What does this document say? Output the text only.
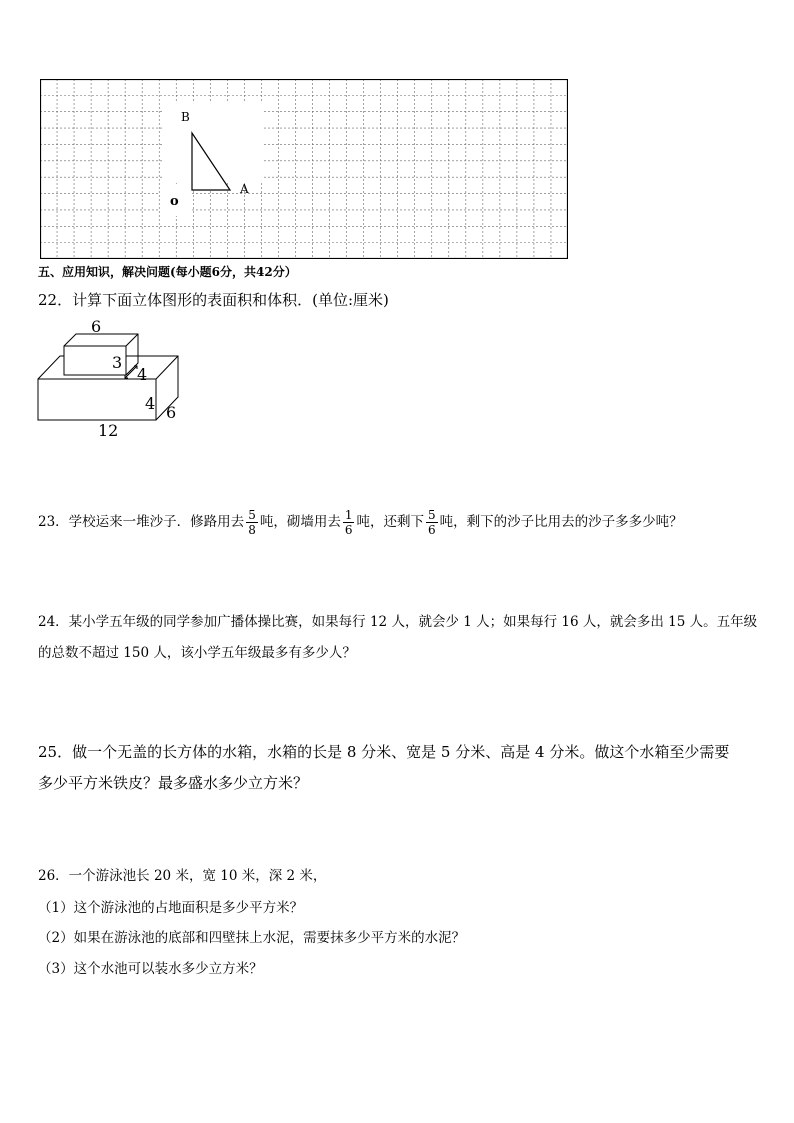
B
A
o
五、应用知识，解决问题(每小题6分，共42分）
22．计算下面立体图形的表面积和体积．(单位:厘米)
6
3
4
4 6
12
23．学校运来一堆沙子．修路用去 $\frac{5}{8}$ 吨，砌墙用去 $\frac{1}{6}$ 吨，还剩下 $\frac{5}{6}$ 吨，剩下的沙子比用去的沙子多多少吨？
24．某小学五年级的同学参加广播体操比赛，如果每行 12 人，就会少 1 人；如果每行 16 人，就会多出 15 人。五年级
的总数不超过 150 人，该小学五年级最多有多少人？
25．做一个无盖的长方体的水箱，水箱的长是 8 分米、宽是 5 分米、高是 4 分米。做这个水箱至少需要
多少平方米铁皮？最多盛水多少立方米？
26．一个游泳池长 20 米，宽 10 米，深 2 米，
（1）这个游泳池的占地面积是多少平方米？
（2）如果在游泳池的底部和四壁抹上水泥，需要抹多少平方米的水泥？
（3）这个水池可以装水多少立方米？
